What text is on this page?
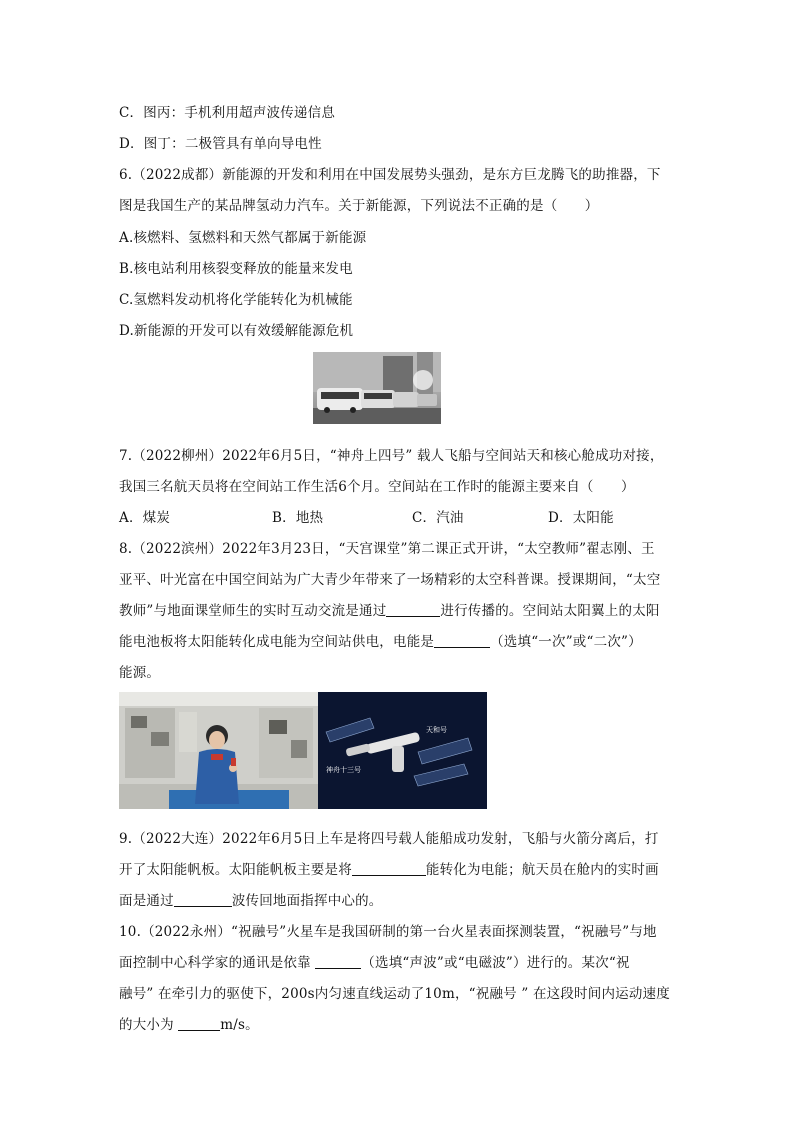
C．图丙：手机利用超声波传递信息
D．图丁：二极管具有单向导电性
6.（2022成都）新能源的开发和利用在中国发展势头强劲，是东方巨龙腾飞的助推器，下
图是我国生产的某品牌氢动力汽车。关于新能源，下列说法不正确的是（　　）
A.核燃料、氢燃料和天然气都属于新能源
B.核电站利用核裂变释放的能量来发电
C.氢燃料发动机将化学能转化为机械能
D.新能源的开发可以有效缓解能源危机
7.（2022柳州）2022年6月5日，“神舟上四号” 载人飞船与空间站天和核心舱成功对接，
我国三名航天员将在空间站工作生活6个月。空间站在工作时的能源主要来自（　　）
A．煤炭	B．地热	C．汽油	D．太阳能
8.（2022滨州）2022年3月23日，“天宫课堂”第二课正式开讲，“太空教师”翟志刚、王
亚平、叶光富在中国空间站为广大青少年带来了一场精彩的太空科普课。授课期间，“太空
教师”与地面课堂师生的实时互动交流是通过	进行传播的。空间站太阳翼上的太阳
能电池板将太阳能转化成电能为空间站供电，电能是	（选填“一次”或“二次”）
能源。
天和号
神舟十三号
9.（2022大连）2022年6月5日上车是将四号载人能船成功发射，飞船与火箭分离后，打
开了太阳能帆板。太阳能帆板主要是将	能转化为电能；航天员在舱内的实时画
面是通过	波传回地面指挥中心的。
10.（2022永州）“祝融号”火星车是我国研制的第一台火星表面探测装置，“祝融号”与地
面控制中心科学家的通讯是依靠	（选填“声波”或“电磁波”）进行的。某次“祝
融号” 在牵引力的驱使下，200s内匀速直线运动了10m，“祝融号 ” 在这段时间内运动速度
的大小为	m/s。
